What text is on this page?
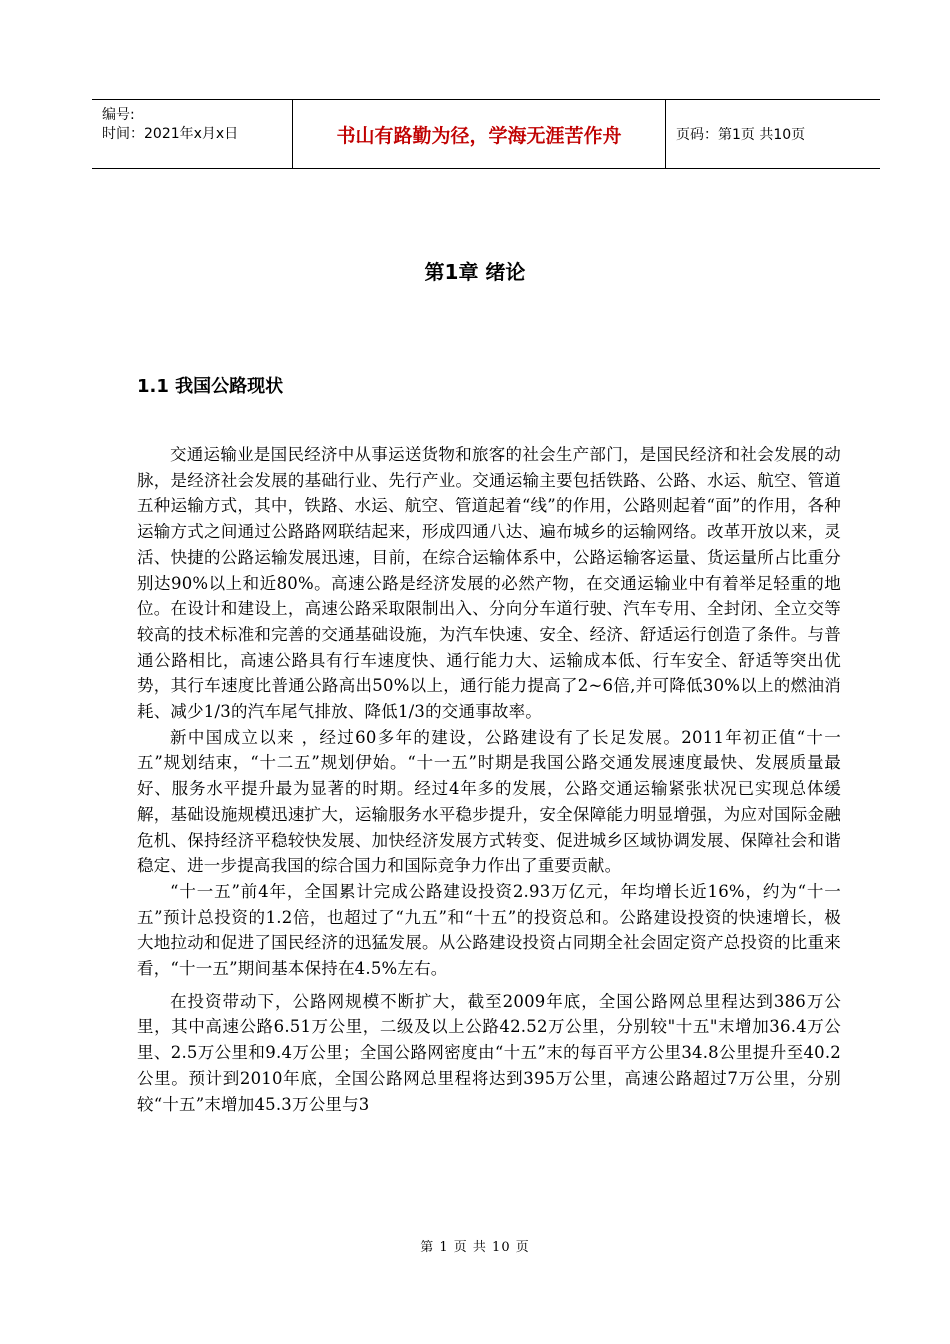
编号:
时间：2021年x月x日	书山有路勤为径，学海无涯苦作舟	页码：第1页 共10页
第1章 绪论
1.1 我国公路现状

交通运输业是国民经济中从事运送货物和旅客的社会生产部门，是国民经济和社会发展的动脉，是经济社会发展的基础行业、先行产业。交通运输主要包括铁路、公路、水运、航空、管道五种运输方式，其中，铁路、水运、航空、管道起着“线”的作用，公路则起着“面”的作用，各种运输方式之间通过公路路网联结起来，形成四通八达、遍布城乡的运输网络。改革开放以来，灵活、快捷的公路运输发展迅速，目前，在综合运输体系中，公路运输客运量、货运量所占比重分别达90%以上和近80%。高速公路是经济发展的必然产物，在交通运输业中有着举足轻重的地位。在设计和建设上，高速公路采取限制出入、分向分车道行驶、汽车专用、全封闭、全立交等较高的技术标准和完善的交通基础设施，为汽车快速、安全、经济、舒适运行创造了条件。与普通公路相比，高速公路具有行车速度快、通行能力大、运输成本低、行车安全、舒适等突出优势，其行车速度比普通公路高出50%以上，通行能力提高了2~6倍,并可降低30%以上的燃油消耗、减少1/3的汽车尾气排放、降低1/3的交通事故率。

新中国成立以来 ，经过60多年的建设，公路建设有了长足发展。2011年初正值“十一五”规划结束，“十二五”规划伊始。“十一五”时期是我国公路交通发展速度最快、发展质量最好、服务水平提升最为显著的时期。经过4年多的发展，公路交通运输紧张状况已实现总体缓解，基础设施规模迅速扩大，运输服务水平稳步提升，安全保障能力明显增强，为应对国际金融危机、保持经济平稳较快发展、加快经济发展方式转变、促进城乡区域协调发展、保障社会和谐稳定、进一步提高我国的综合国力和国际竞争力作出了重要贡献。

“十一五”前4年，全国累计完成公路建设投资2.93万亿元，年均增长近16%，约为“十一五”预计总投资的1.2倍，也超过了“九五”和“十五”的投资总和。公路建设投资的快速增长，极大地拉动和促进了国民经济的迅猛发展。从公路建设投资占同期全社会固定资产总投资的比重来看，“十一五”期间基本保持在4.5%左右。

在投资带动下，公路网规模不断扩大，截至2009年底，全国公路网总里程达到386万公里，其中高速公路6.51万公里，二级及以上公路42.52万公里，分别较"十五"末增加36.4万公里、2.5万公里和9.4万公里；全国公路网密度由“十五”末的每百平方公里34.8公里提升至40.2公里。预计到2010年底，全国公路网总里程将达到395万公里，高速公路超过7万公里，分别较“十五”末增加45.3万公里与3

第 1 页 共 10 页
